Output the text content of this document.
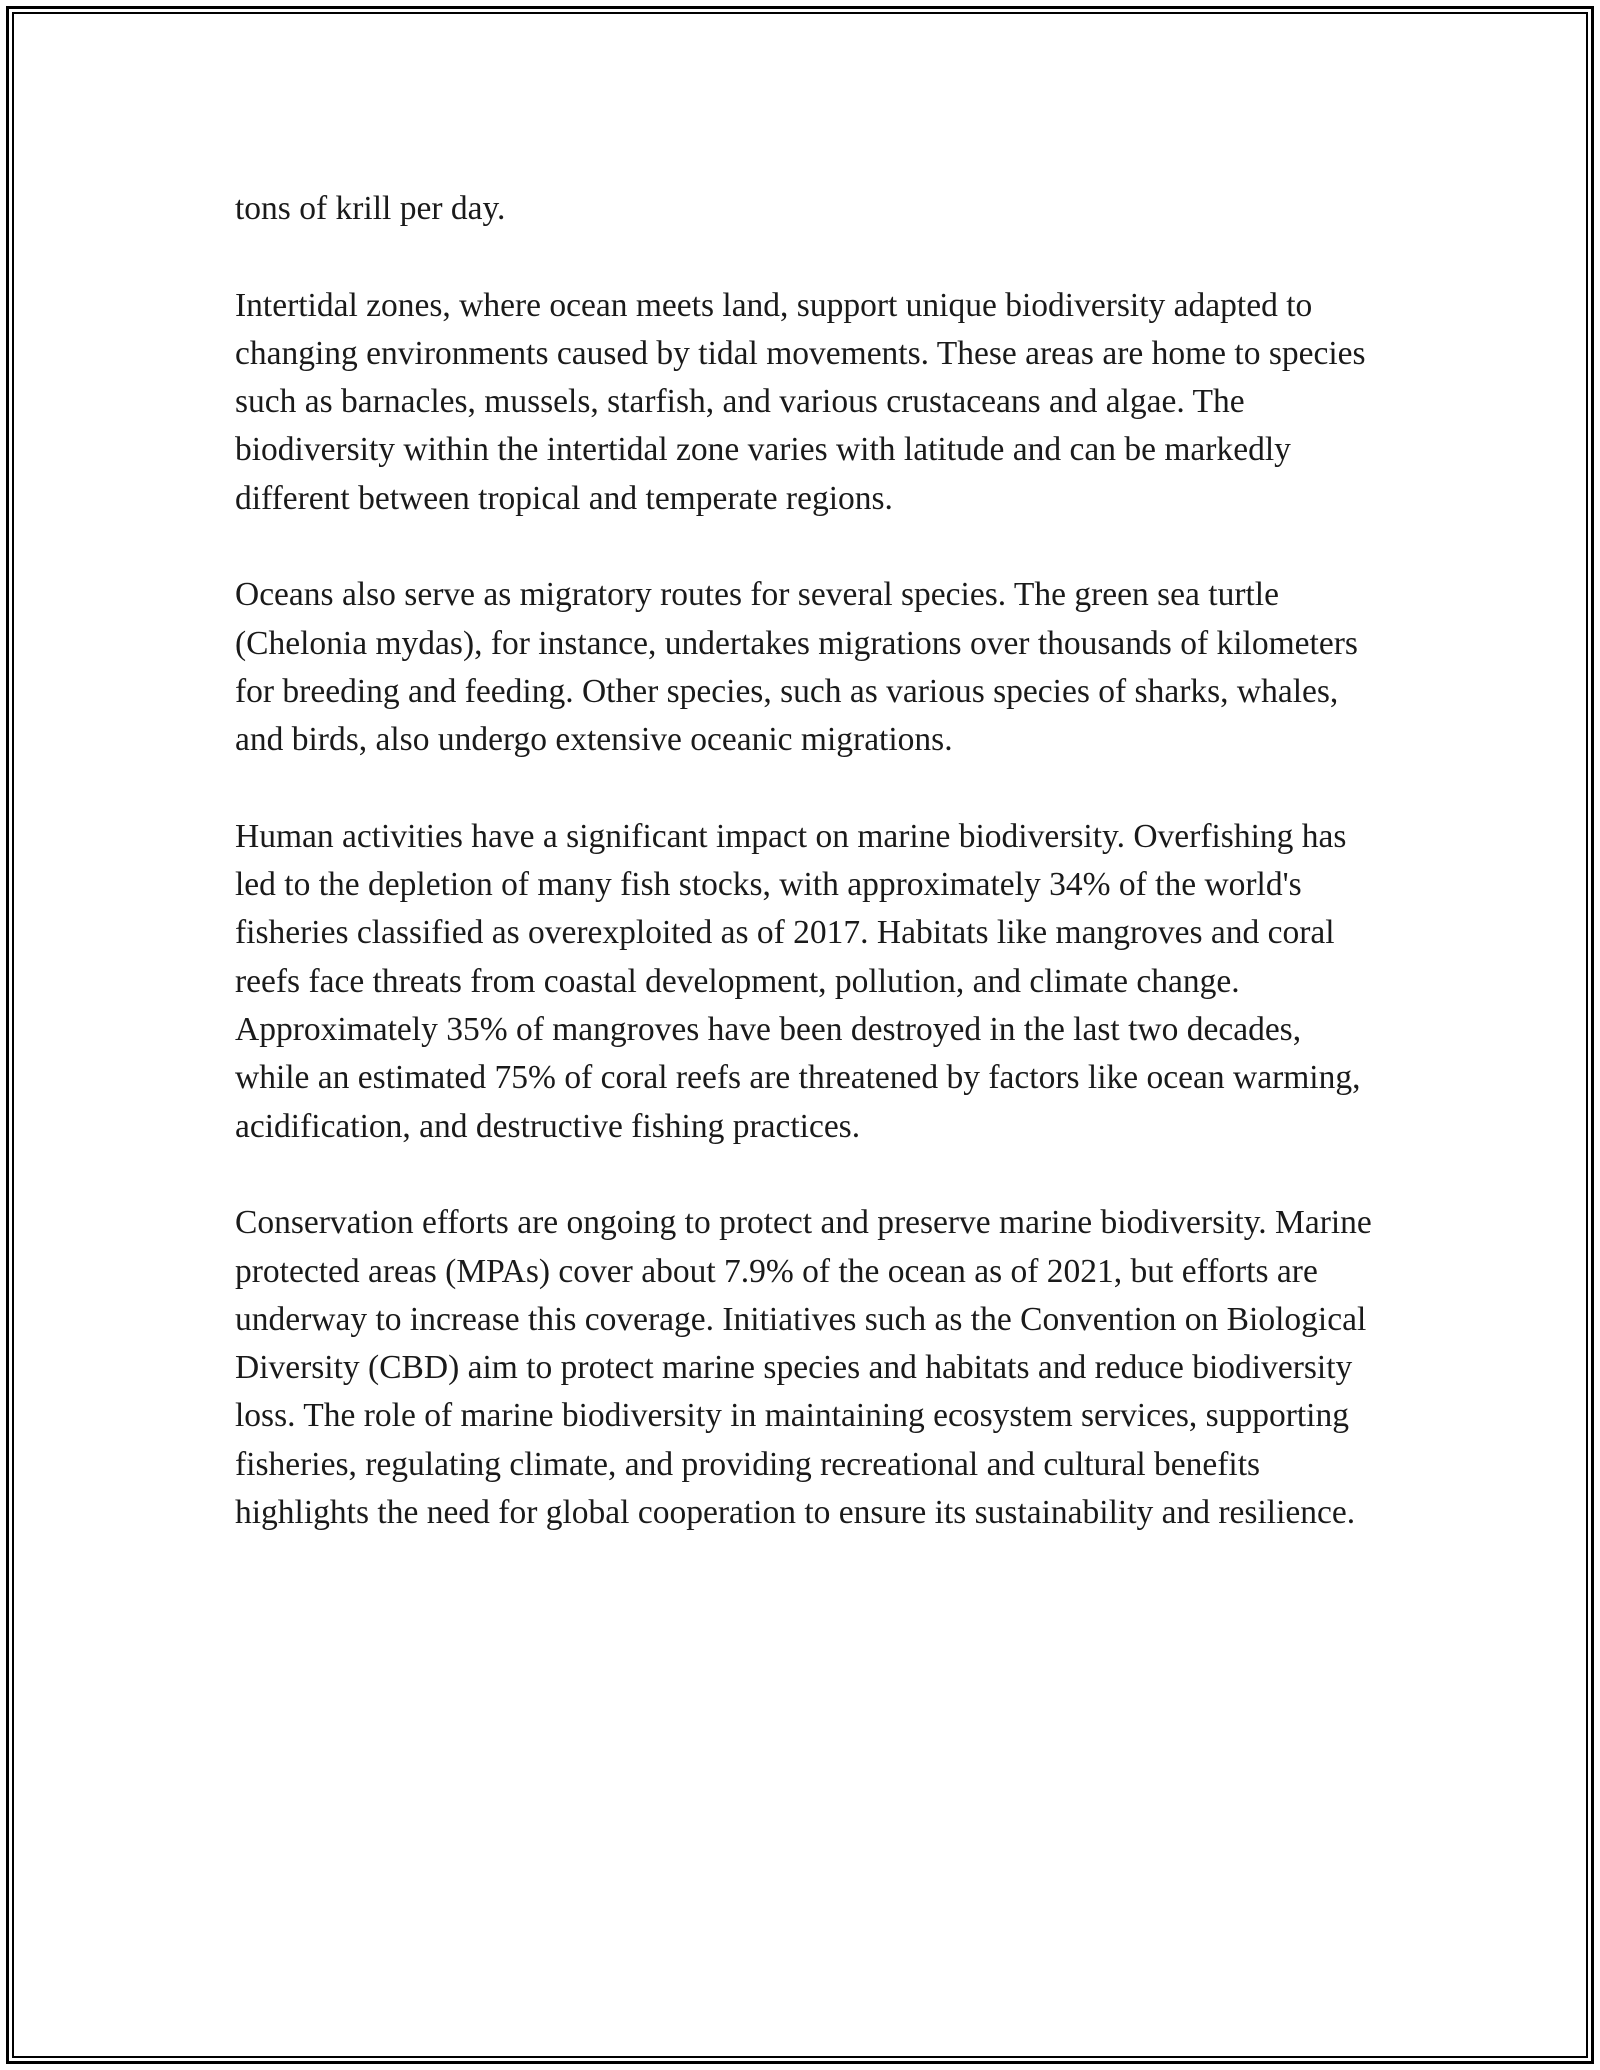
tons of krill per day.

Intertidal zones, where ocean meets land, support unique biodiversity adapted to changing environments caused by tidal movements. These areas are home to species such as barnacles, mussels, starfish, and various crustaceans and algae. The biodiversity within the intertidal zone varies with latitude and can be markedly different between tropical and temperate regions.

Oceans also serve as migratory routes for several species. The green sea turtle (Chelonia mydas), for instance, undertakes migrations over thousands of kilometers for breeding and feeding. Other species, such as various species of sharks, whales, and birds, also undergo extensive oceanic migrations.

Human activities have a significant impact on marine biodiversity. Overfishing has led to the depletion of many fish stocks, with approximately 34% of the world's fisheries classified as overexploited as of 2017. Habitats like mangroves and coral reefs face threats from coastal development, pollution, and climate change. Approximately 35% of mangroves have been destroyed in the last two decades, while an estimated 75% of coral reefs are threatened by factors like ocean warming, acidification, and destructive fishing practices.

Conservation efforts are ongoing to protect and preserve marine biodiversity. Marine protected areas (MPAs) cover about 7.9% of the ocean as of 2021, but efforts are underway to increase this coverage. Initiatives such as the Convention on Biological Diversity (CBD) aim to protect marine species and habitats and reduce biodiversity loss. The role of marine biodiversity in maintaining ecosystem services, supporting fisheries, regulating climate, and providing recreational and cultural benefits highlights the need for global cooperation to ensure its sustainability and resilience.
